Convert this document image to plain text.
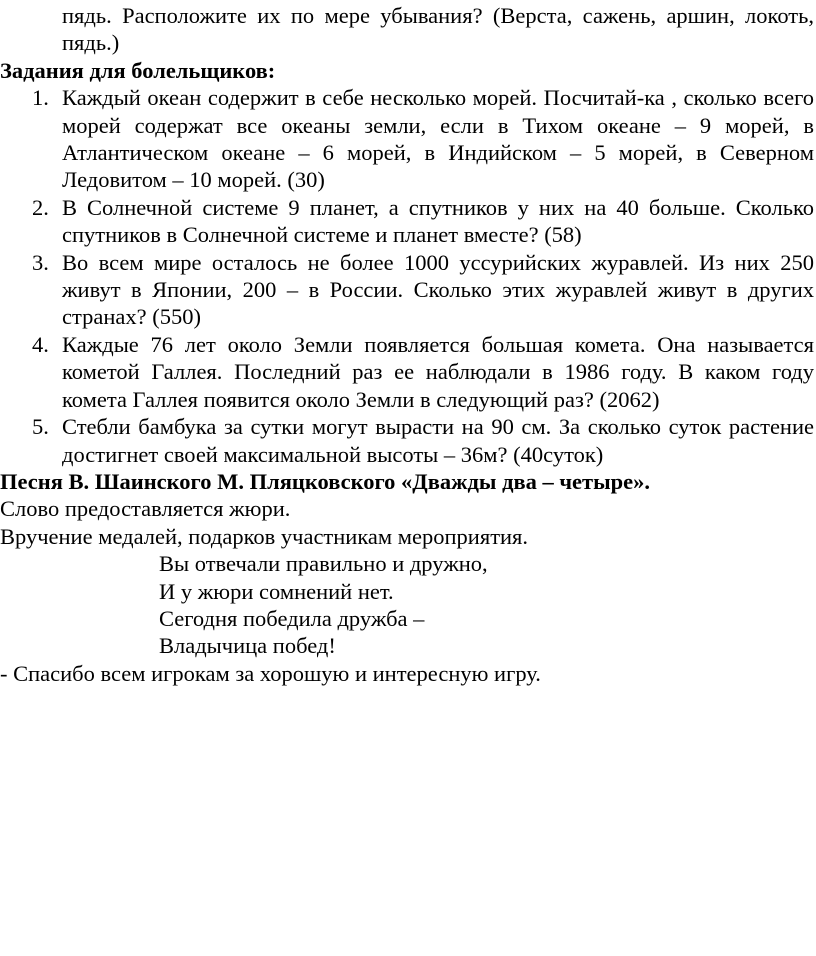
пядь. Расположите их по мере убывания? (Верста, сажень, аршин, локоть, пядь.)

Задания для болельщиков:

1. Каждый океан содержит в себе несколько морей. Посчитай-ка , сколько всего морей содержат все океаны земли, если в Тихом океане – 9 морей, в Атлантическом океане – 6 морей, в Индийском – 5 морей, в Северном Ледовитом – 10 морей. (30)
2. В Солнечной системе 9 планет, а спутников у них на 40 больше. Сколько спутников в Солнечной системе и планет вместе? (58)
3. Во всем мире осталось не более 1000 уссурийских журавлей. Из них 250 живут в Японии, 200 – в России. Сколько этих журавлей живут в других странах? (550)
4. Каждые 76 лет около Земли появляется большая комета. Она называется кометой Галлея. Последний раз ее наблюдали в 1986 году. В каком году комета Галлея появится около Земли в следующий раз? (2062)
5. Стебли бамбука за сутки могут вырасти на 90 см. За сколько суток растение достигнет своей максимальной высоты – 36м? (40суток)

Песня В. Шаинского М. Пляцковского «Дважды два – четыре».

Слово предоставляется жюри.

Вручение медалей, подарков участникам мероприятия.

Вы отвечали правильно и дружно,

И у жюри сомнений нет.

Сегодня победила дружба –

Владычица побед!

- Спасибо всем игрокам за хорошую и интересную игру.
